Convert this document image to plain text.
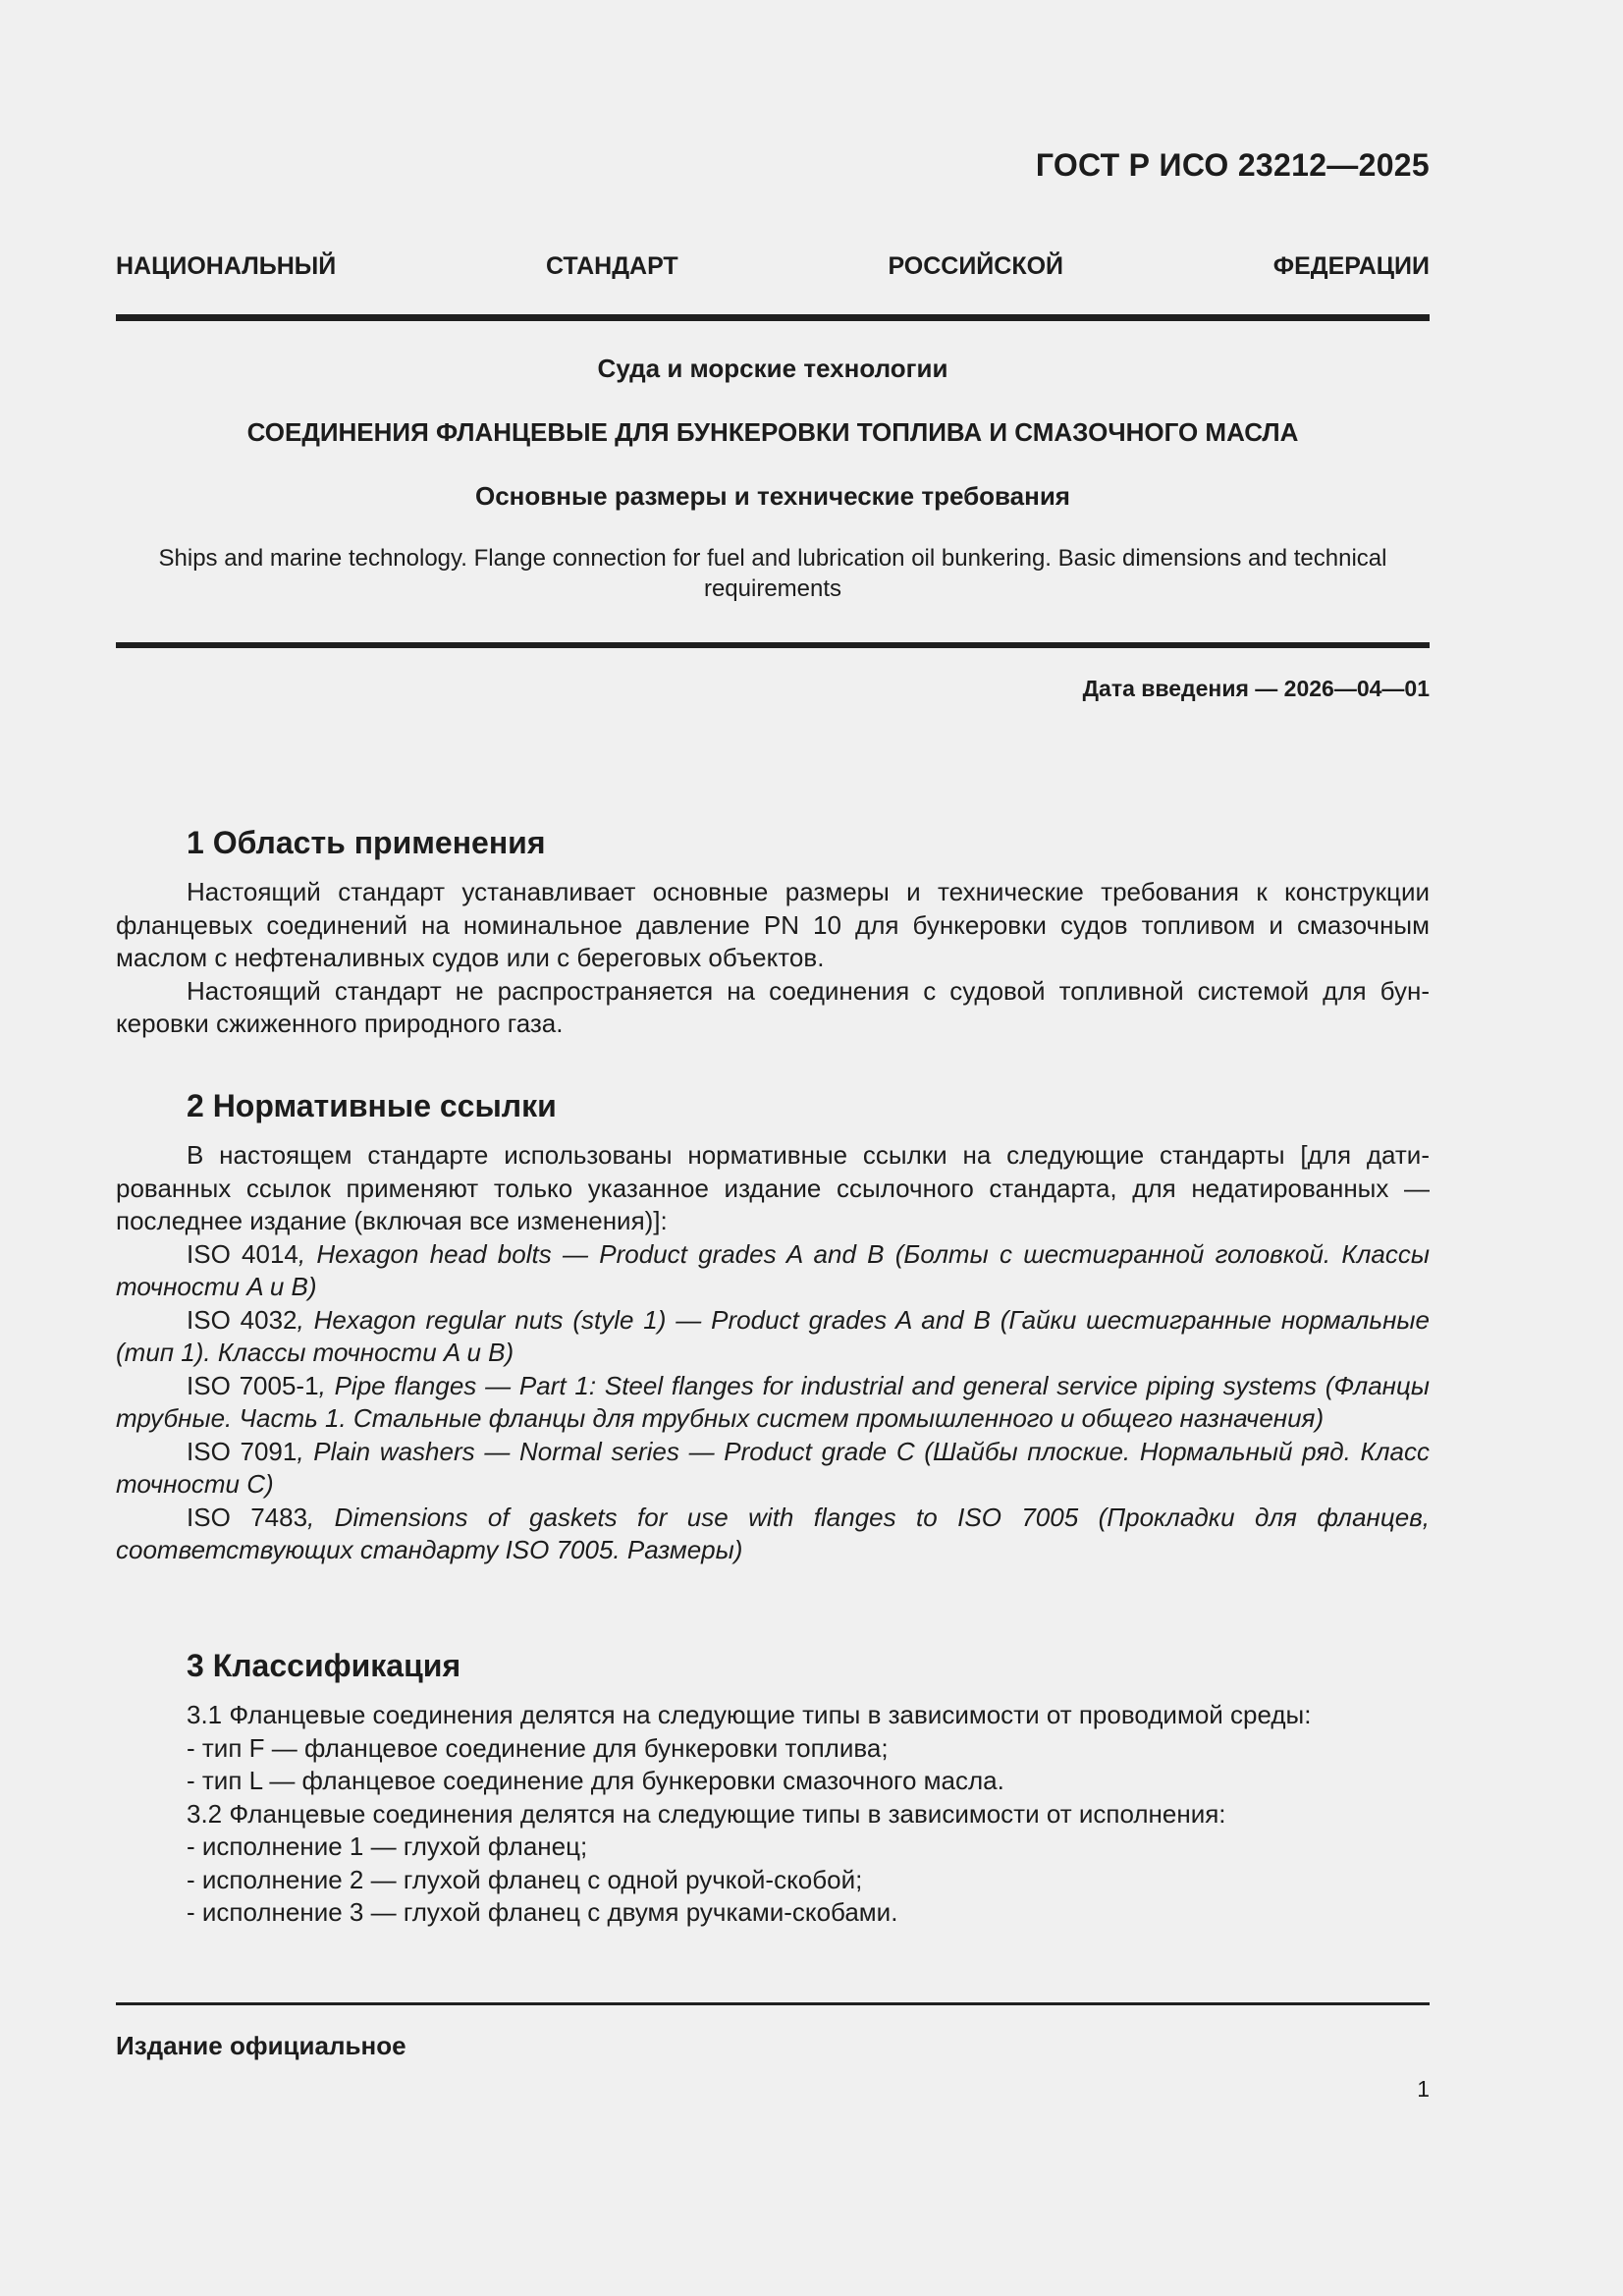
ГОСТ Р ИСО 23212—2025
НАЦИОНАЛЬНЫЙ СТАНДАРТ РОССИЙСКОЙ ФЕДЕРАЦИИ
Суда и морские технологии
СОЕДИНЕНИЯ ФЛАНЦЕВЫЕ ДЛЯ БУНКЕРОВКИ ТОПЛИВА И СМАЗОЧНОГО МАСЛА
Основные размеры и технические требования
Ships and marine technology. Flange connection for fuel and lubrication oil bunkering. Basic dimensions and technical requirements
Дата введения — 2026—04—01
1 Область применения

Настоящий стандарт устанавливает основные размеры и технические требования к конструкции фланцевых соединений на номинальное давление PN 10 для бункеровки судов топливом и смазочным маслом с нефтеналивных судов или с береговых объектов.

Настоящий стандарт не распространяется на соединения с судовой топливной системой для бункеровки сжиженного природного газа.

2 Нормативные ссылки

В настоящем стандарте использованы нормативные ссылки на следующие стандарты [для датированных ссылок применяют только указанное издание ссылочного стандарта, для недатированных — последнее издание (включая все изменения)]:

ISO 4014, Hexagon head bolts — Product grades A and B (Болты с шестигранной головкой. Классы точности A и B)

ISO 4032, Hexagon regular nuts (style 1) — Product grades A and B (Гайки шестигранные нормальные (тип 1). Классы точности A и B)

ISO 7005-1, Pipe flanges — Part 1: Steel flanges for industrial and general service piping systems (Фланцы трубные. Часть 1. Стальные фланцы для трубных систем промышленного и общего назначения)

ISO 7091, Plain washers — Normal series — Product grade C (Шайбы плоские. Нормальный ряд. Класс точности C)

ISO 7483, Dimensions of gaskets for use with flanges to ISO 7005 (Прокладки для фланцев, соответствующих стандарту ISO 7005. Размеры)

3 Классификация

3.1 Фланцевые соединения делятся на следующие типы в зависимости от проводимой среды:

- тип F — фланцевое соединение для бункеровки топлива;

- тип L — фланцевое соединение для бункеровки смазочного масла.

3.2 Фланцевые соединения делятся на следующие типы в зависимости от исполнения:

- исполнение 1 — глухой фланец;

- исполнение 2 — глухой фланец с одной ручкой-скобой;

- исполнение 3 — глухой фланец с двумя ручками-скобами.

Издание официальное
1
